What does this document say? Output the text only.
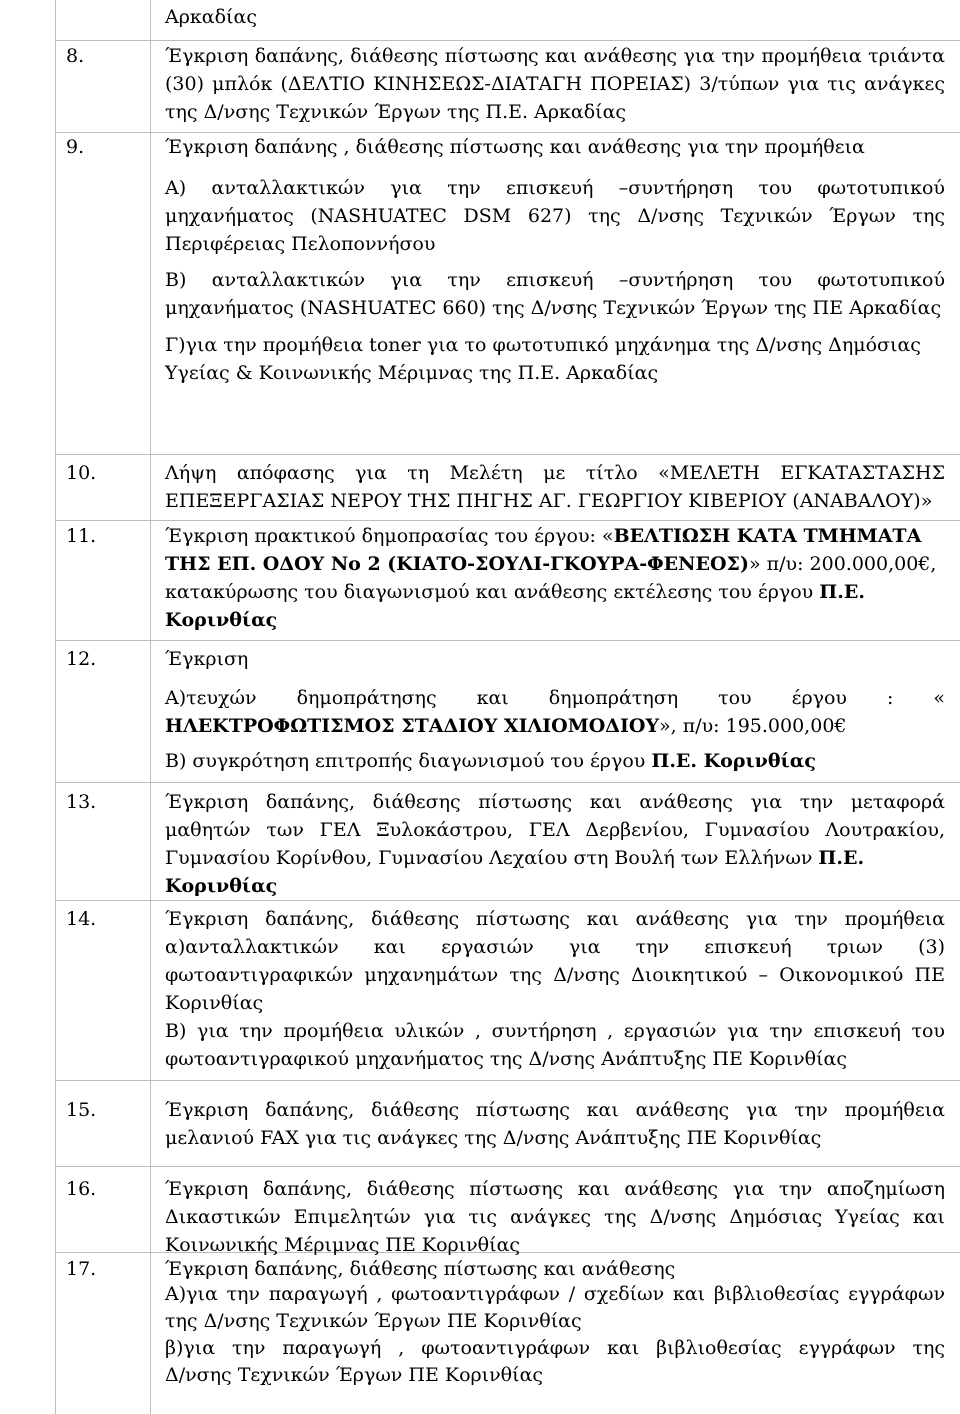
Αρκαδίας
8.	Έγκριση δαπάνης, διάθεσης πίστωσης και ανάθεσης για την προμήθεια τριάντα
(30) μπλόκ (ΔΕΛΤΙΟ ΚΙΝΗΣΕΩΣ-ΔΙΑΤΑΓΗ ΠΟΡΕΙΑΣ) 3/τύπων για τις ανάγκες
της Δ/νσης Τεχνικών Έργων της Π.Ε. Αρκαδίας
9.	Έγκριση δαπάνης , διάθεσης πίστωσης και ανάθεσης για την προμήθεια
Α) ανταλλακτικών για την επισκευή –συντήρηση του φωτοτυπικού
μηχανήματος (NASHUATEC DSM 627) της Δ/νσης Τεχνικών Έργων της
Περιφέρειας Πελοποννήσου
Β) ανταλλακτικών για την επισκευή –συντήρηση του φωτοτυπικού
μηχανήματος (NASHUATEC 660) της Δ/νσης Τεχνικών Έργων της ΠΕ Αρκαδίας
Γ)για την προμήθεια toner για το φωτοτυπικό μηχάνημα της Δ/νσης Δημόσιας
Υγείας & Κοινωνικής Μέριμνας της Π.Ε. Αρκαδίας
10.	Λήψη απόφασης για τη Μελέτη με τίτλο «ΜΕΛΕΤΗ ΕΓΚΑΤΑΣΤΑΣΗΣ
ΕΠΕΞΕΡΓΑΣΙΑΣ ΝΕΡΟΥ ΤΗΣ ΠΗΓΗΣ ΑΓ. ΓΕΩΡΓΙΟΥ ΚΙΒΕΡΙΟΥ (ΑΝΑΒΑΛΟΥ)»
11.	Έγκριση πρακτικού δημοπρασίας του έργου: «ΒΕΛΤΙΩΣΗ ΚΑΤΑ ΤΜΗΜΑΤΑ
ΤΗΣ ΕΠ. ΟΔΟΥ Νο 2 (ΚΙΑΤΟ-ΣΟΥΛΙ-ΓΚΟΥΡΑ-ΦΕΝΕΟΣ)» π/υ: 200.000,00€,
κατακύρωσης του διαγωνισμού και ανάθεσης εκτέλεσης του έργου Π.Ε.
Κορινθίας
12.	Έγκριση
Α)τευχών δημοπράτησης και δημοπράτηση του έργου : «
ΗΛΕΚΤΡΟΦΩΤΙΣΜΟΣ ΣΤΑΔΙΟΥ ΧΙΛΙΟΜΟΔΙΟΥ», π/υ: 195.000,00€
Β) συγκρότηση επιτροπής διαγωνισμού του έργου Π.Ε. Κορινθίας
13.	Έγκριση δαπάνης, διάθεσης πίστωσης και ανάθεσης για την μεταφορά
μαθητών των ΓΕΛ Ξυλοκάστρου, ΓΕΛ Δερβενίου, Γυμνασίου Λουτρακίου,
Γυμνασίου Κορίνθου, Γυμνασίου Λεχαίου στη Βουλή των Ελλήνων Π.Ε.
Κορινθίας
14.	Έγκριση δαπάνης, διάθεσης πίστωσης και ανάθεσης για την προμήθεια
α)ανταλλακτικών και εργασιών για την επισκευή τριων (3)
φωτοαντιγραφικών μηχανημάτων της Δ/νσης Διοικητικού – Οικονομικού ΠΕ
Κορινθίας
Β) για την προμήθεια υλικών , συντήρηση , εργασιών για την επισκευή του
φωτοαντιγραφικού μηχανήματος της Δ/νσης Ανάπτυξης ΠΕ Κορινθίας
15.	Έγκριση δαπάνης, διάθεσης πίστωσης και ανάθεσης για την προμήθεια
μελανιού FAX για τις ανάγκες της Δ/νσης Ανάπτυξης ΠΕ Κορινθίας
16.	Έγκριση δαπάνης, διάθεσης πίστωσης και ανάθεσης για την αποζημίωση
Δικαστικών Επιμελητών για τις ανάγκες της Δ/νσης Δημόσιας Υγείας και
Κοινωνικής Μέριμνας ΠΕ Κορινθίας
17.	Έγκριση δαπάνης, διάθεσης πίστωσης και ανάθεσης
Α)για την παραγωγή , φωτοαντιγράφων / σχεδίων και βιβλιοθεσίας εγγράφων
της Δ/νσης Τεχνικών Έργων ΠΕ Κορινθίας
β)για την παραγωγή , φωτοαντιγράφων και βιβλιοθεσίας εγγράφων της
Δ/νσης Τεχνικών Έργων ΠΕ Κορινθίας
